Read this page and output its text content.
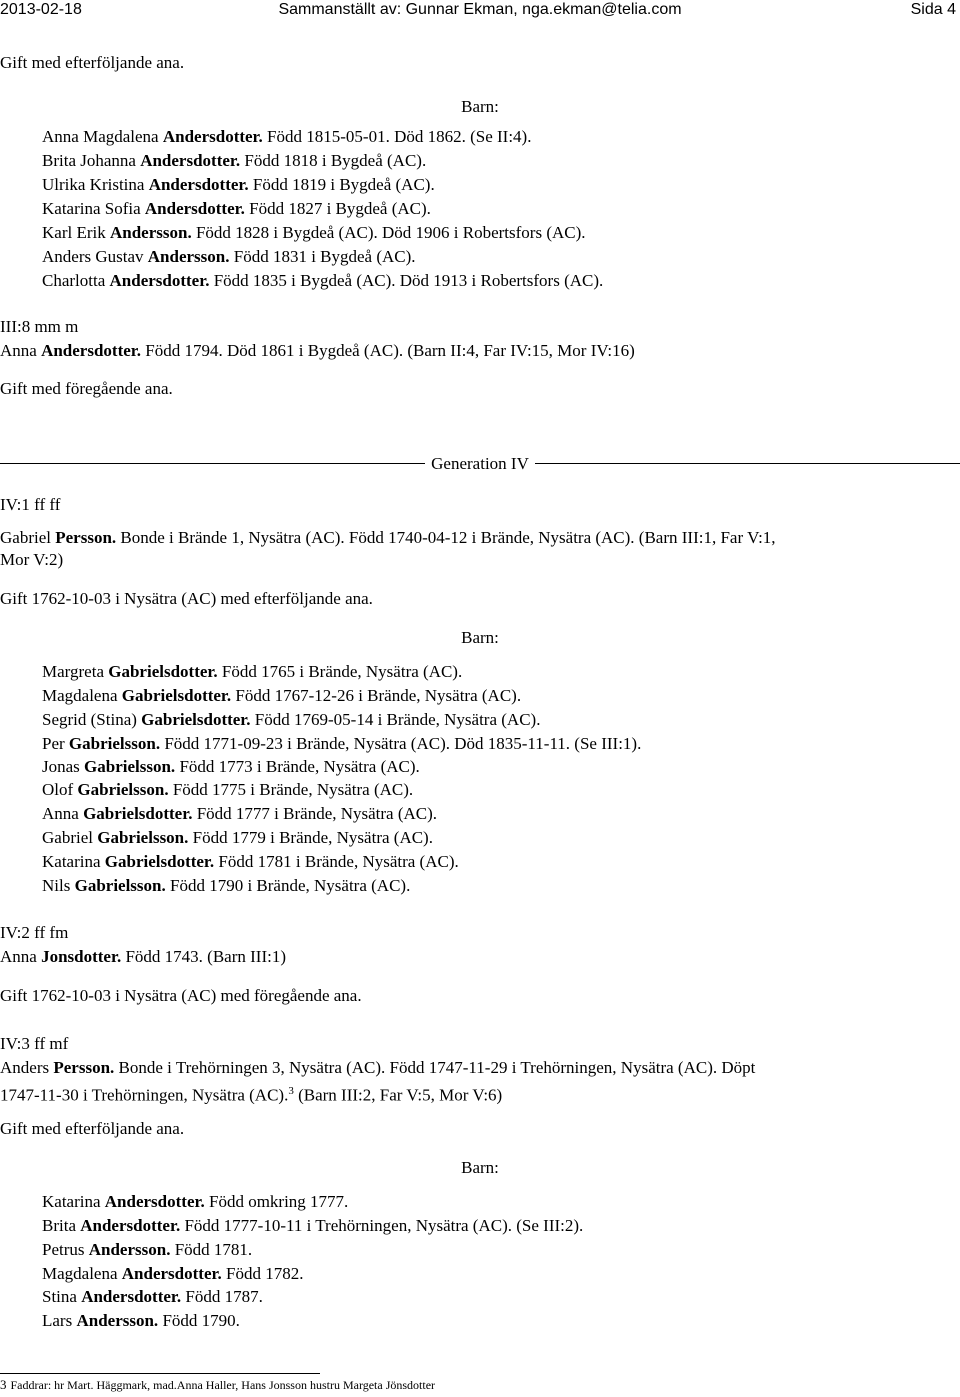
2013-02-18	Sammanställt av: Gunnar Ekman, nga.ekman@telia.com	Sida 4
Gift med efterföljande ana.
Barn:
Anna Magdalena Andersdotter. Född 1815-05-01. Död 1862. (Se II:4).
Brita Johanna Andersdotter. Född 1818 i Bygdeå (AC).
Ulrika Kristina Andersdotter. Född 1819 i Bygdeå (AC).
Katarina Sofia Andersdotter. Född 1827 i Bygdeå (AC).
Karl Erik Andersson. Född 1828 i Bygdeå (AC). Död 1906 i Robertsfors (AC).
Anders Gustav Andersson. Född 1831 i Bygdeå (AC).
Charlotta Andersdotter. Född 1835 i Bygdeå (AC). Död 1913 i Robertsfors (AC).
III:8 mm m
Anna Andersdotter. Född 1794. Död 1861 i Bygdeå (AC). (Barn II:4, Far IV:15, Mor IV:16)
Gift med föregående ana.
Generation IV
IV:1 ff ff
Gabriel Persson. Bonde i Brände 1, Nysätra (AC). Född 1740-04-12 i Brände, Nysätra (AC). (Barn III:1, Far V:1,
Mor V:2)
Gift 1762-10-03 i Nysätra (AC) med efterföljande ana.
Barn:
Margreta Gabrielsdotter. Född 1765 i Brände, Nysätra (AC).
Magdalena Gabrielsdotter. Född 1767-12-26 i Brände, Nysätra (AC).
Segrid (Stina) Gabrielsdotter. Född 1769-05-14 i Brände, Nysätra (AC).
Per Gabrielsson. Född 1771-09-23 i Brände, Nysätra (AC). Död 1835-11-11. (Se III:1).
Jonas Gabrielsson. Född 1773 i Brände, Nysätra (AC).
Olof Gabrielsson. Född 1775 i Brände, Nysätra (AC).
Anna Gabrielsdotter. Född 1777 i Brände, Nysätra (AC).
Gabriel Gabrielsson. Född 1779 i Brände, Nysätra (AC).
Katarina Gabrielsdotter. Född 1781 i Brände, Nysätra (AC).
Nils Gabrielsson. Född 1790 i Brände, Nysätra (AC).
IV:2 ff fm
Anna Jonsdotter. Född 1743. (Barn III:1)
Gift 1762-10-03 i Nysätra (AC) med föregående ana.
IV:3 ff mf
Anders Persson. Bonde i Trehörningen 3, Nysätra (AC). Född 1747-11-29 i Trehörningen, Nysätra (AC). Döpt
1747-11-30 i Trehörningen, Nysätra (AC).$^3$ (Barn III:2, Far V:5, Mor V:6)
Gift med efterföljande ana.
Barn:
Katarina Andersdotter. Född omkring 1777.
Brita Andersdotter. Född 1777-10-11 i Trehörningen, Nysätra (AC). (Se III:2).
Petrus Andersson. Född 1781.
Magdalena Andersdotter. Född 1782.
Stina Andersdotter. Född 1787.
Lars Andersson. Född 1790.
3 Faddrar: hr Mart. Häggmark, mad.Anna Haller, Hans Jonsson hustru Margeta Jönsdotter
